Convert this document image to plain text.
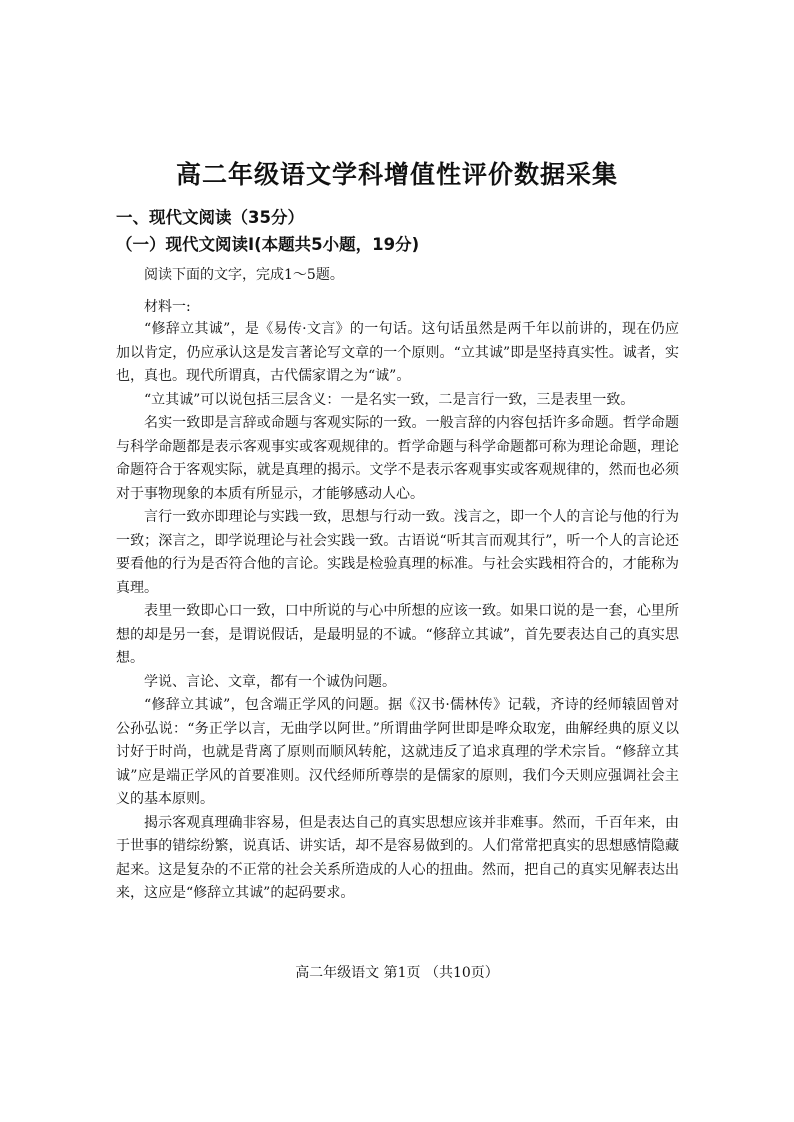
高二年级语文学科增值性评价数据采集
一、现代文阅读（35分）
（一）现代文阅读Ⅰ(本题共5小题，19分)

阅读下面的文字，完成1～5题。

材料一:

“修辞立其诚”，是《易传·文言》的一句话。这句话虽然是两千年以前讲的，现在仍应加以肯定，仍应承认这是发言著论写文章的一个原则。“立其诚”即是坚持真实性。诚者，实也，真也。现代所谓真，古代儒家谓之为“诚”。

“立其诚”可以说包括三层含义：一是名实一致，二是言行一致，三是表里一致。

名实一致即是言辞或命题与客观实际的一致。一般言辞的内容包括许多命题。哲学命题与科学命题都是表示客观事实或客观规律的。哲学命题与科学命题都可称为理论命题，理论命题符合于客观实际，就是真理的揭示。文学不是表示客观事实或客观规律的，然而也必须对于事物现象的本质有所显示，才能够感动人心。

言行一致亦即理论与实践一致，思想与行动一致。浅言之，即一个人的言论与他的行为一致；深言之，即学说理论与社会实践一致。古语说“听其言而观其行”，听一个人的言论还要看他的行为是否符合他的言论。实践是检验真理的标准。与社会实践相符合的，才能称为真理。

表里一致即心口一致，口中所说的与心中所想的应该一致。如果口说的是一套，心里所想的却是另一套，是谓说假话，是最明显的不诚。“修辞立其诚”，首先要表达自己的真实思想。

学说、言论、文章，都有一个诚伪问题。

“修辞立其诚”，包含端正学风的问题。据《汉书·儒林传》记载，齐诗的经师辕固曾对公孙弘说：“务正学以言，无曲学以阿世。”所谓曲学阿世即是哗众取宠，曲解经典的原义以讨好于时尚，也就是背离了原则而顺风转舵，这就违反了追求真理的学术宗旨。“修辞立其诚”应是端正学风的首要准则。汉代经师所尊崇的是儒家的原则，我们今天则应强调社会主义的基本原则。

揭示客观真理确非容易，但是表达自己的真实思想应该并非难事。然而，千百年来，由于世事的错综纷繁，说真话、讲实话，却不是容易做到的。人们常常把真实的思想感情隐藏起来。这是复杂的不正常的社会关系所造成的人心的扭曲。然而，把自己的真实见解表达出来，这应是“修辞立其诚”的起码要求。

高二年级语文 第1页 （共10页）
